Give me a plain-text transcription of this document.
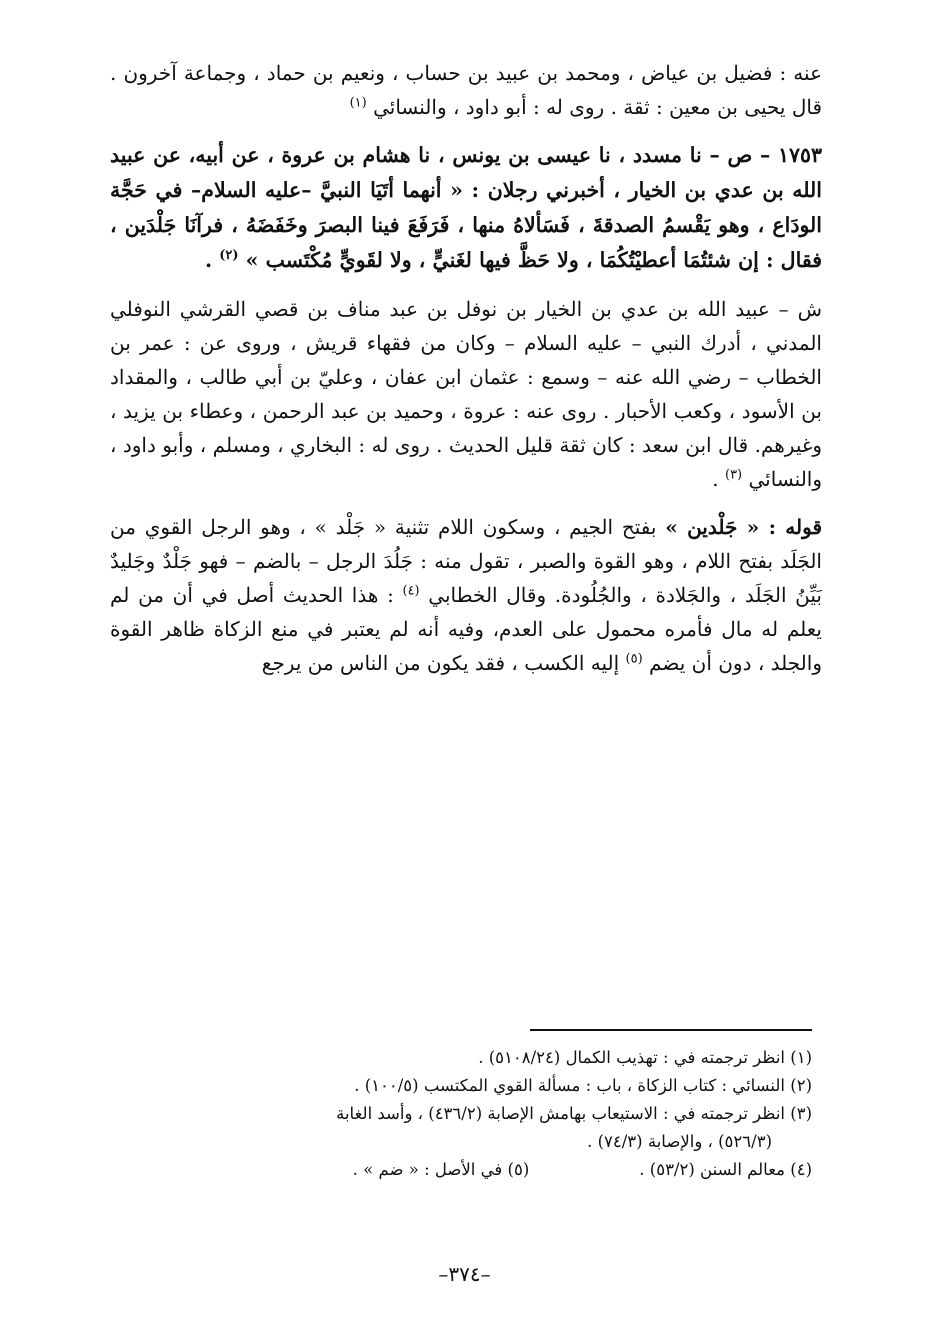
عنه : فضيل بن عياض ، ومحمد بن عبيد بن حساب ، ونعيم بن حماد ، وجماعة آخرون . قال يحيى بن معين : ثقة . روى له : أبو داود ، والنسائي $^{(١)}$

١٧٥٣ – ص – نا مسدد ، نا عيسى بن يونس ، نا هشام بن عروة ، عن أبيه، عن عبيد الله بن عدي بن الخيار ، أخبرني رجلان : « أنهما أتَيَا النبيَّ –عليه السلام– في حَجَّة الودَاع ، وهو يَقْسمُ الصدقةَ ، فَسَألاهُ منها ، فَرَفَعَ فينا البصرَ وخَفَضَهُ ، فرآنَا جَلْدَين ، فقال : إن شئتُمَا أعطيْتُكُمَا ، ولا حَظَّ فيها لغَنيٍّ ، ولا لقَويٍّ مُكْتَسب » $^{(٢)}$ .

ش – عبيد الله بن عدي بن الخيار بن نوفل بن عبد مناف بن قصي القرشي النوفلي المدني ، أدرك النبي – عليه السلام – وكان من فقهاء قريش ، وروى عن : عمر بن الخطاب – رضي الله عنه – وسمع : عثمان ابن عفان ، وعليّ بن أبي طالب ، والمقداد بن الأسود ، وكعب الأحبار . روى عنه : عروة ، وحميد بن عبد الرحمن ، وعطاء بن يزيد ، وغيرهم. قال ابن سعد : كان ثقة قليل الحديث . روى له : البخاري ، ومسلم ، وأبو داود ، والنسائي $^{(٣)}$ .

قوله : « جَلْدين » بفتح الجيم ، وسكون اللام تثنية « جَلْد » ، وهو الرجل القوي من الجَلَد بفتح اللام ، وهو القوة والصبر ، تقول منه : جَلُدَ الرجل – بالضم – فهو جَلْدٌ وجَليدٌ بَيِّنُ الجَلَد ، والجَلادة ، والجُلُودة. وقال الخطابي $^{(٤)}$ : هذا الحديث أصل في أن من لم يعلم له مال فأمره محمول على العدم، وفيه أنه لم يعتبر في منع الزكاة ظاهر القوة والجلد ، دون أن يضم $^{(٥)}$ إليه الكسب ، فقد يكون من الناس من يرجع

(١) انظر ترجمته في : تهذيب الكمال (٥١٠٨/٢٤) .

(٢) النسائي : كتاب الزكاة ، باب : مسألة القوي المكتسب (١٠٠/٥) .

(٣) انظر ترجمته في : الاستيعاب بهامش الإصابة (٤٣٦/٢) ، وأسد الغابة

(٥٢٦/٣) ، والإصابة (٧٤/٣) .

(٤) معالم السنن (٥٣/٢) .
(٥) في الأصل : « ضم » .
–٣٧٤–
